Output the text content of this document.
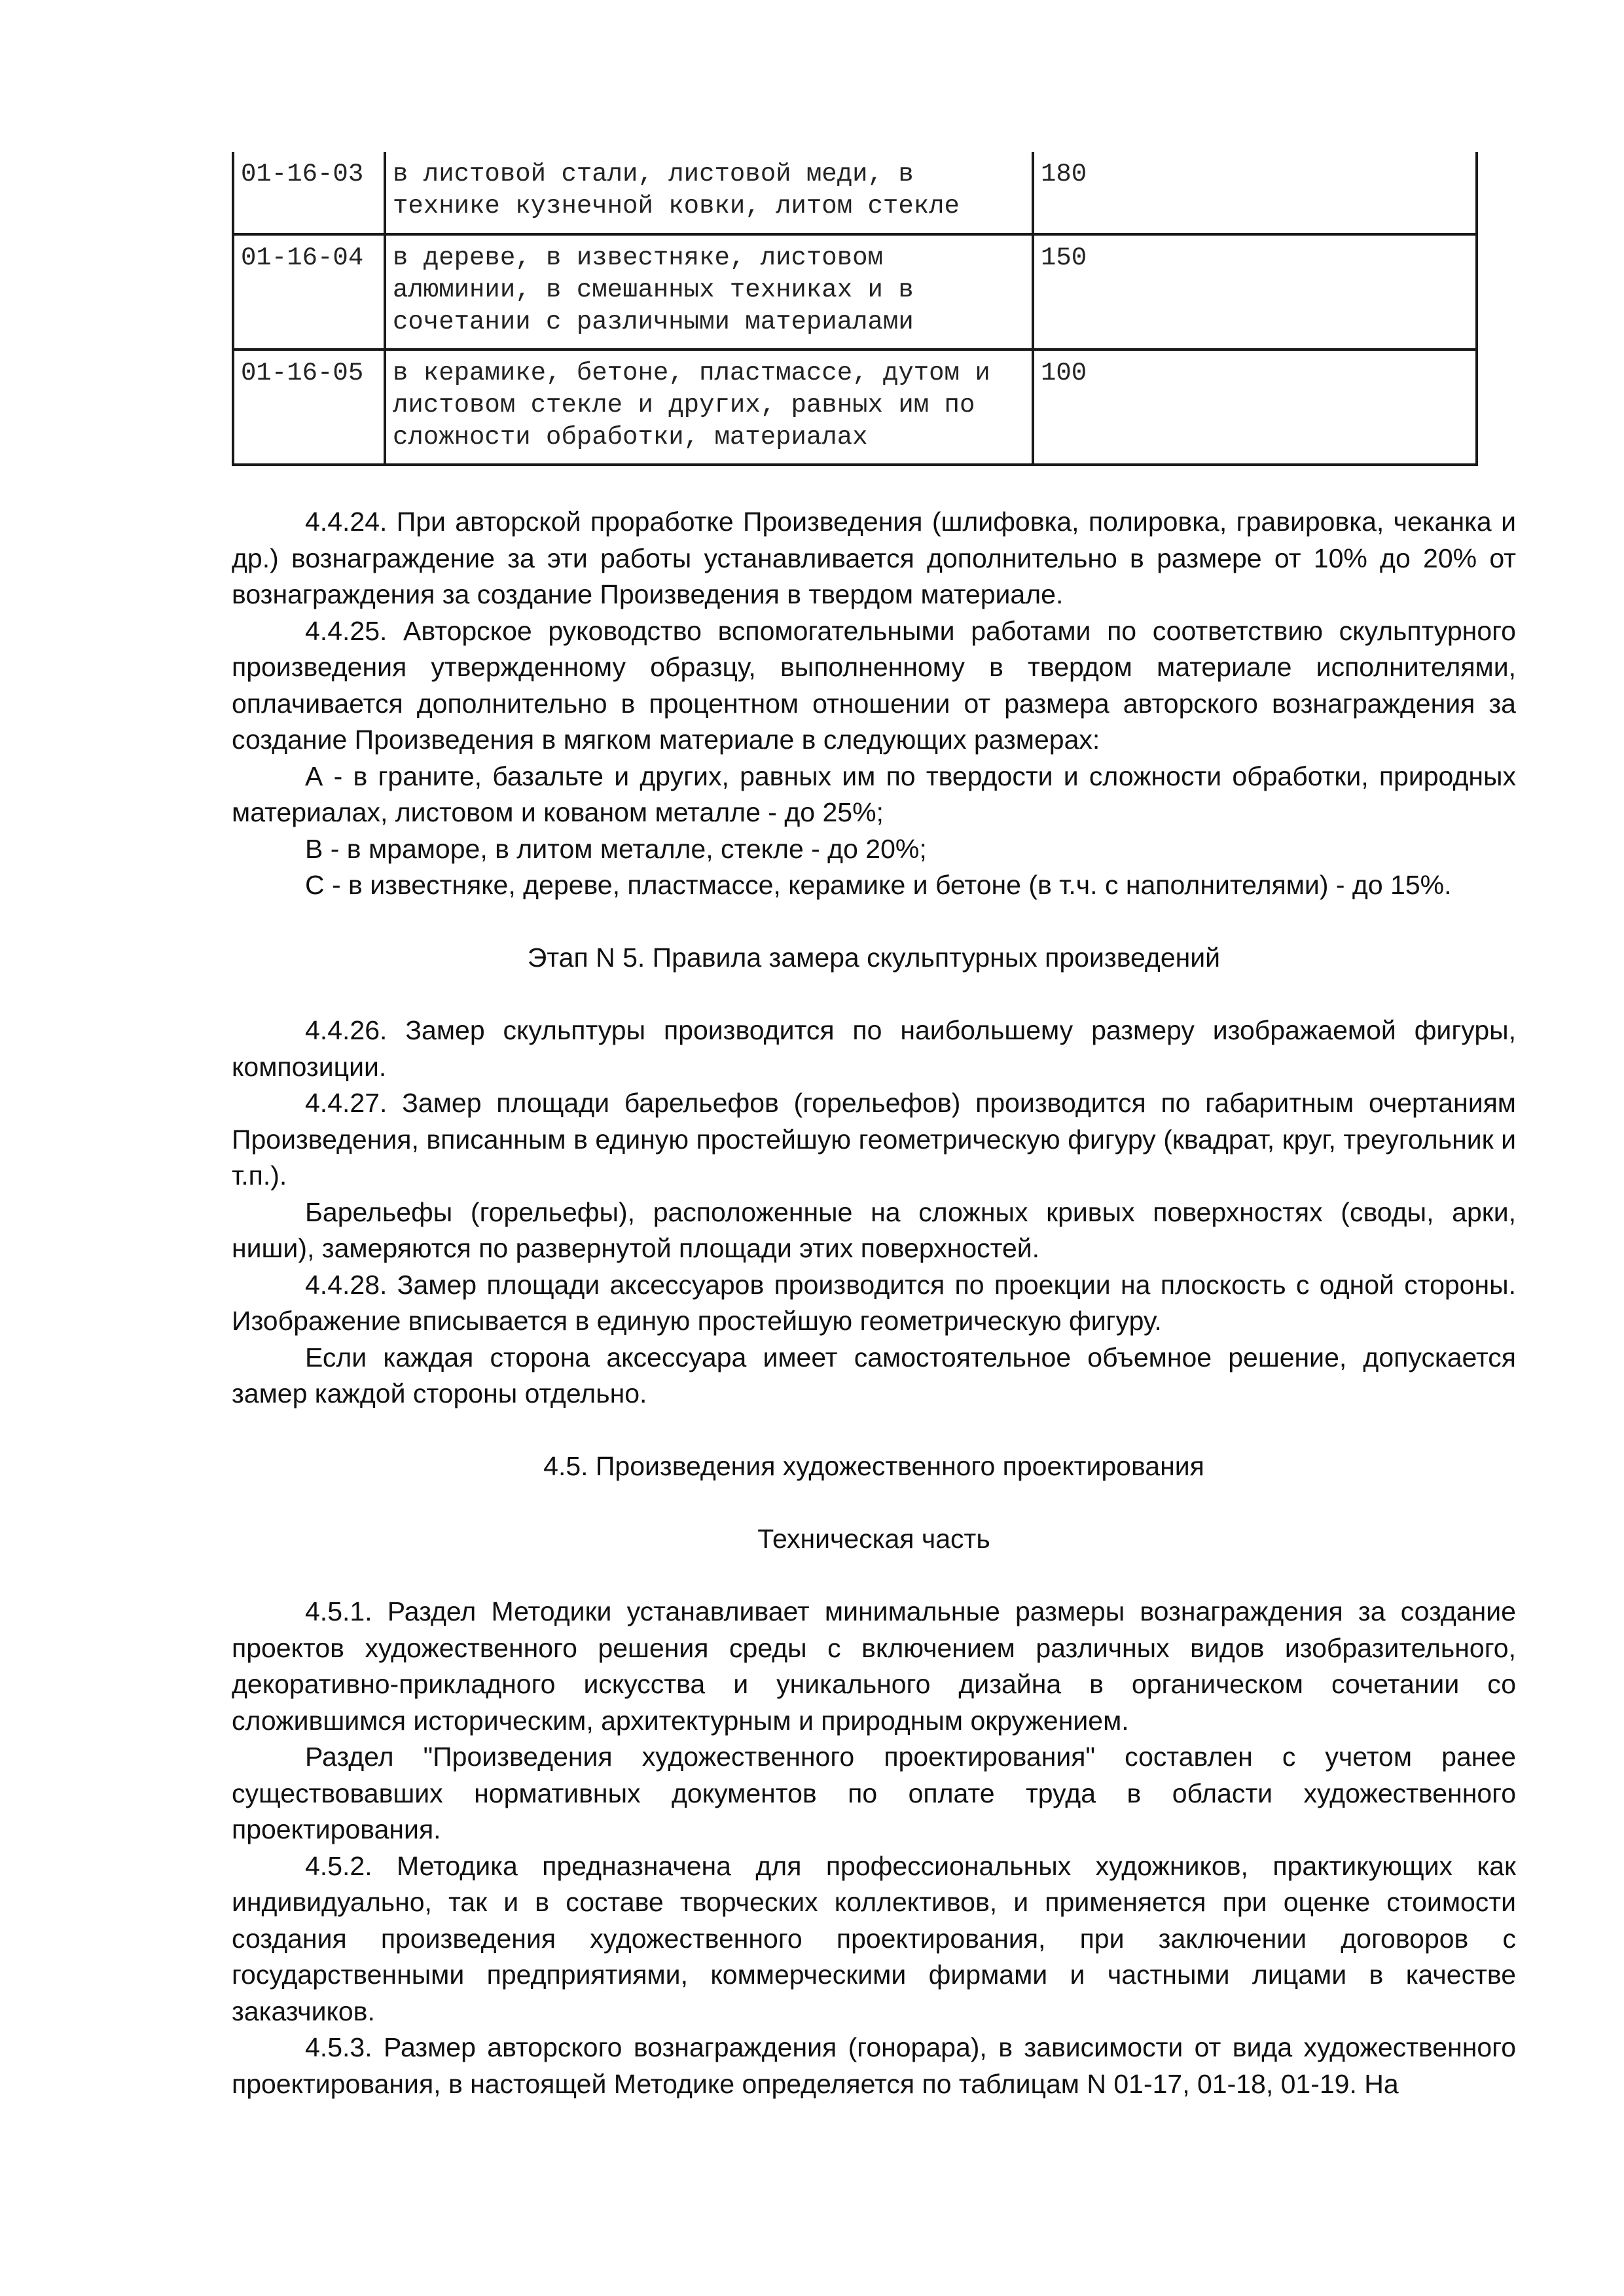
01-16-03	в листовой стали, листовой меди, в технике кузнечной ковки, литом стекле	180
01-16-04	в дереве, в известняке, листовом алюминии, в смешанных техниках и в сочетании с различными материалами	150
01-16-05	в керамике, бетоне, пластмассе, дутом и листовом стекле и других, равных им по сложности обработки, материалах	100

4.4.24. При авторской проработке Произведения (шлифовка, полировка, гравировка, чеканка и др.) вознаграждение за эти работы устанавливается дополнительно в размере от 10% до 20% от вознаграждения за создание Произведения в твердом материале.

4.4.25. Авторское руководство вспомогательными работами по соответствию скульптурного произведения утвержденному образцу, выполненному в твердом материале исполнителями, оплачивается дополнительно в процентном отношении от размера авторского вознаграждения за создание Произведения в мягком материале в следующих размерах:

А - в граните, базальте и других, равных им по твердости и сложности обработки, природных материалах, листовом и кованом металле - до 25%;

В - в мраморе, в литом металле, стекле - до 20%;

С - в известняке, дереве, пластмассе, керамике и бетоне (в т.ч. с наполнителями) - до 15%.

Этап N 5. Правила замера скульптурных произведений

4.4.26. Замер скульптуры производится по наибольшему размеру изображаемой фигуры, композиции.

4.4.27. Замер площади барельефов (горельефов) производится по габаритным очертаниям Произведения, вписанным в единую простейшую геометрическую фигуру (квадрат, круг, треугольник и т.п.).

Барельефы (горельефы), расположенные на сложных кривых поверхностях (своды, арки, ниши), замеряются по развернутой площади этих поверхностей.

4.4.28. Замер площади аксессуаров производится по проекции на плоскость с одной стороны. Изображение вписывается в единую простейшую геометрическую фигуру.

Если каждая сторона аксессуара имеет самостоятельное объемное решение, допускается замер каждой стороны отдельно.

4.5. Произведения художественного проектирования
Техническая часть

4.5.1. Раздел Методики устанавливает минимальные размеры вознаграждения за создание проектов художественного решения среды с включением различных видов изобразительного, декоративно-прикладного искусства и уникального дизайна в органическом сочетании со сложившимся историческим, архитектурным и природным окружением.

Раздел "Произведения художественного проектирования" составлен с учетом ранее существовавших нормативных документов по оплате труда в области художественного проектирования.

4.5.2. Методика предназначена для профессиональных художников, практикующих как индивидуально, так и в составе творческих коллективов, и применяется при оценке стоимости создания произведения художественного проектирования, при заключении договоров с государственными предприятиями, коммерческими фирмами и частными лицами в качестве заказчиков.

4.5.3. Размер авторского вознаграждения (гонорара), в зависимости от вида художественного проектирования, в настоящей Методике определяется по таблицам N 01-17, 01-18, 01-19. На
